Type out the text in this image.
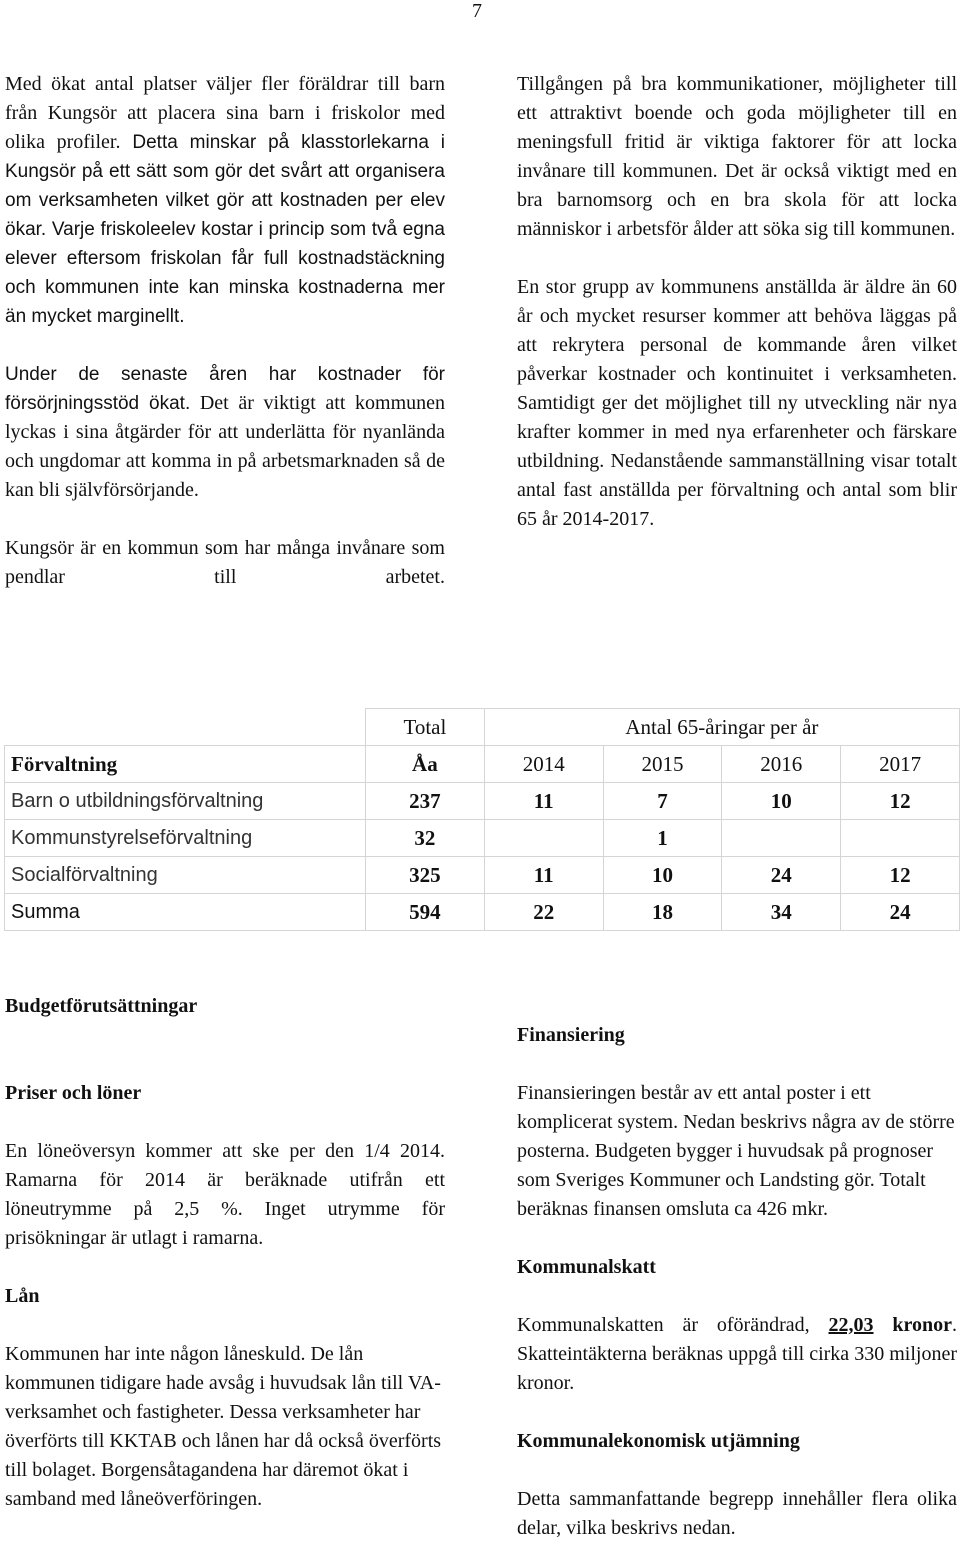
7

Med ökat antal platser väljer fler föräldrar till barn från Kungsör att placera sina barn i friskolor med olika profiler. Detta minskar på klasstorlekarna i Kungsör på ett sätt som gör det svårt att organisera om verksamheten vilket gör att kostnaden per elev ökar. Varje friskoleelev kostar i princip som två egna elever eftersom friskolan får full kostnadstäckning och kommunen inte kan minska kostnaderna mer än mycket marginellt.

Under de senaste åren har kostnader för försörjningsstöd ökat. Det är viktigt att kommunen lyckas i sina åtgärder för att underlätta för nyanlända och ungdomar att komma in på arbetsmarknaden så de kan bli självförsörjande.

Kungsör är en kommun som har många invånare som pendlar till arbetet.

Tillgången på bra kommunikationer, möjligheter till ett attraktivt boende och goda möjligheter till en meningsfull fritid är viktiga faktorer för att locka invånare till kommunen. Det är också viktigt med en bra barnomsorg och en bra skola för att locka människor i arbetsför ålder att söka sig till kommunen.

En stor grupp av kommunens anställda är äldre än 60 år och mycket resurser kommer att behöva läggas på att rekrytera personal de kommande åren vilket påverkar kostnader och kontinuitet i verksamheten. Samtidigt ger det möjlighet till ny utveckling när nya krafter kommer in med nya erfarenheter och färskare utbildning. Nedanstående sammanställning visar totalt antal fast anställda per förvaltning och antal som blir 65 år 2014-2017.

	Total	Antal 65-åringar per år			
Förvaltning	Åa	2014	2015	2016	2017
Barn o utbildningsförvaltning	237	11	7	10	12
Kommunstyrelseförvaltning	32		1		
Socialförvaltning	325	11	10	24	12
Summa	594	22	18	34	24

Budgetförutsättningar

Priser och löner

En löneöversyn kommer att ske per den 1/4 2014. Ramarna för 2014 är beräknade utifrån ett löneutrymme på 2,5 %. Inget utrymme för prisökningar är utlagt i ramarna.

Lån

Kommunen har inte någon låneskuld. De lån kommunen tidigare hade avsåg i huvudsak lån till VA-verksamhet och fastigheter. Dessa verksamheter har överförts till KKTAB och lånen har då också överförts till bolaget. Borgensåtagandena har däremot ökat i samband med låneöverföringen.

Finansiering

Finansieringen består av ett antal poster i ett komplicerat system. Nedan beskrivs några av de större posterna. Budgeten bygger i huvudsak på prognoser som Sveriges Kommuner och Landsting gör. Totalt beräknas finansen omsluta ca 426 mkr.

Kommunalskatt

Kommunalskatten är oförändrad, 22,03 kronor. Skatteintäkterna beräknas uppgå till cirka 330 miljoner kronor.

Kommunalekonomisk utjämning

Detta sammanfattande begrepp innehåller flera olika delar, vilka beskrivs nedan.
